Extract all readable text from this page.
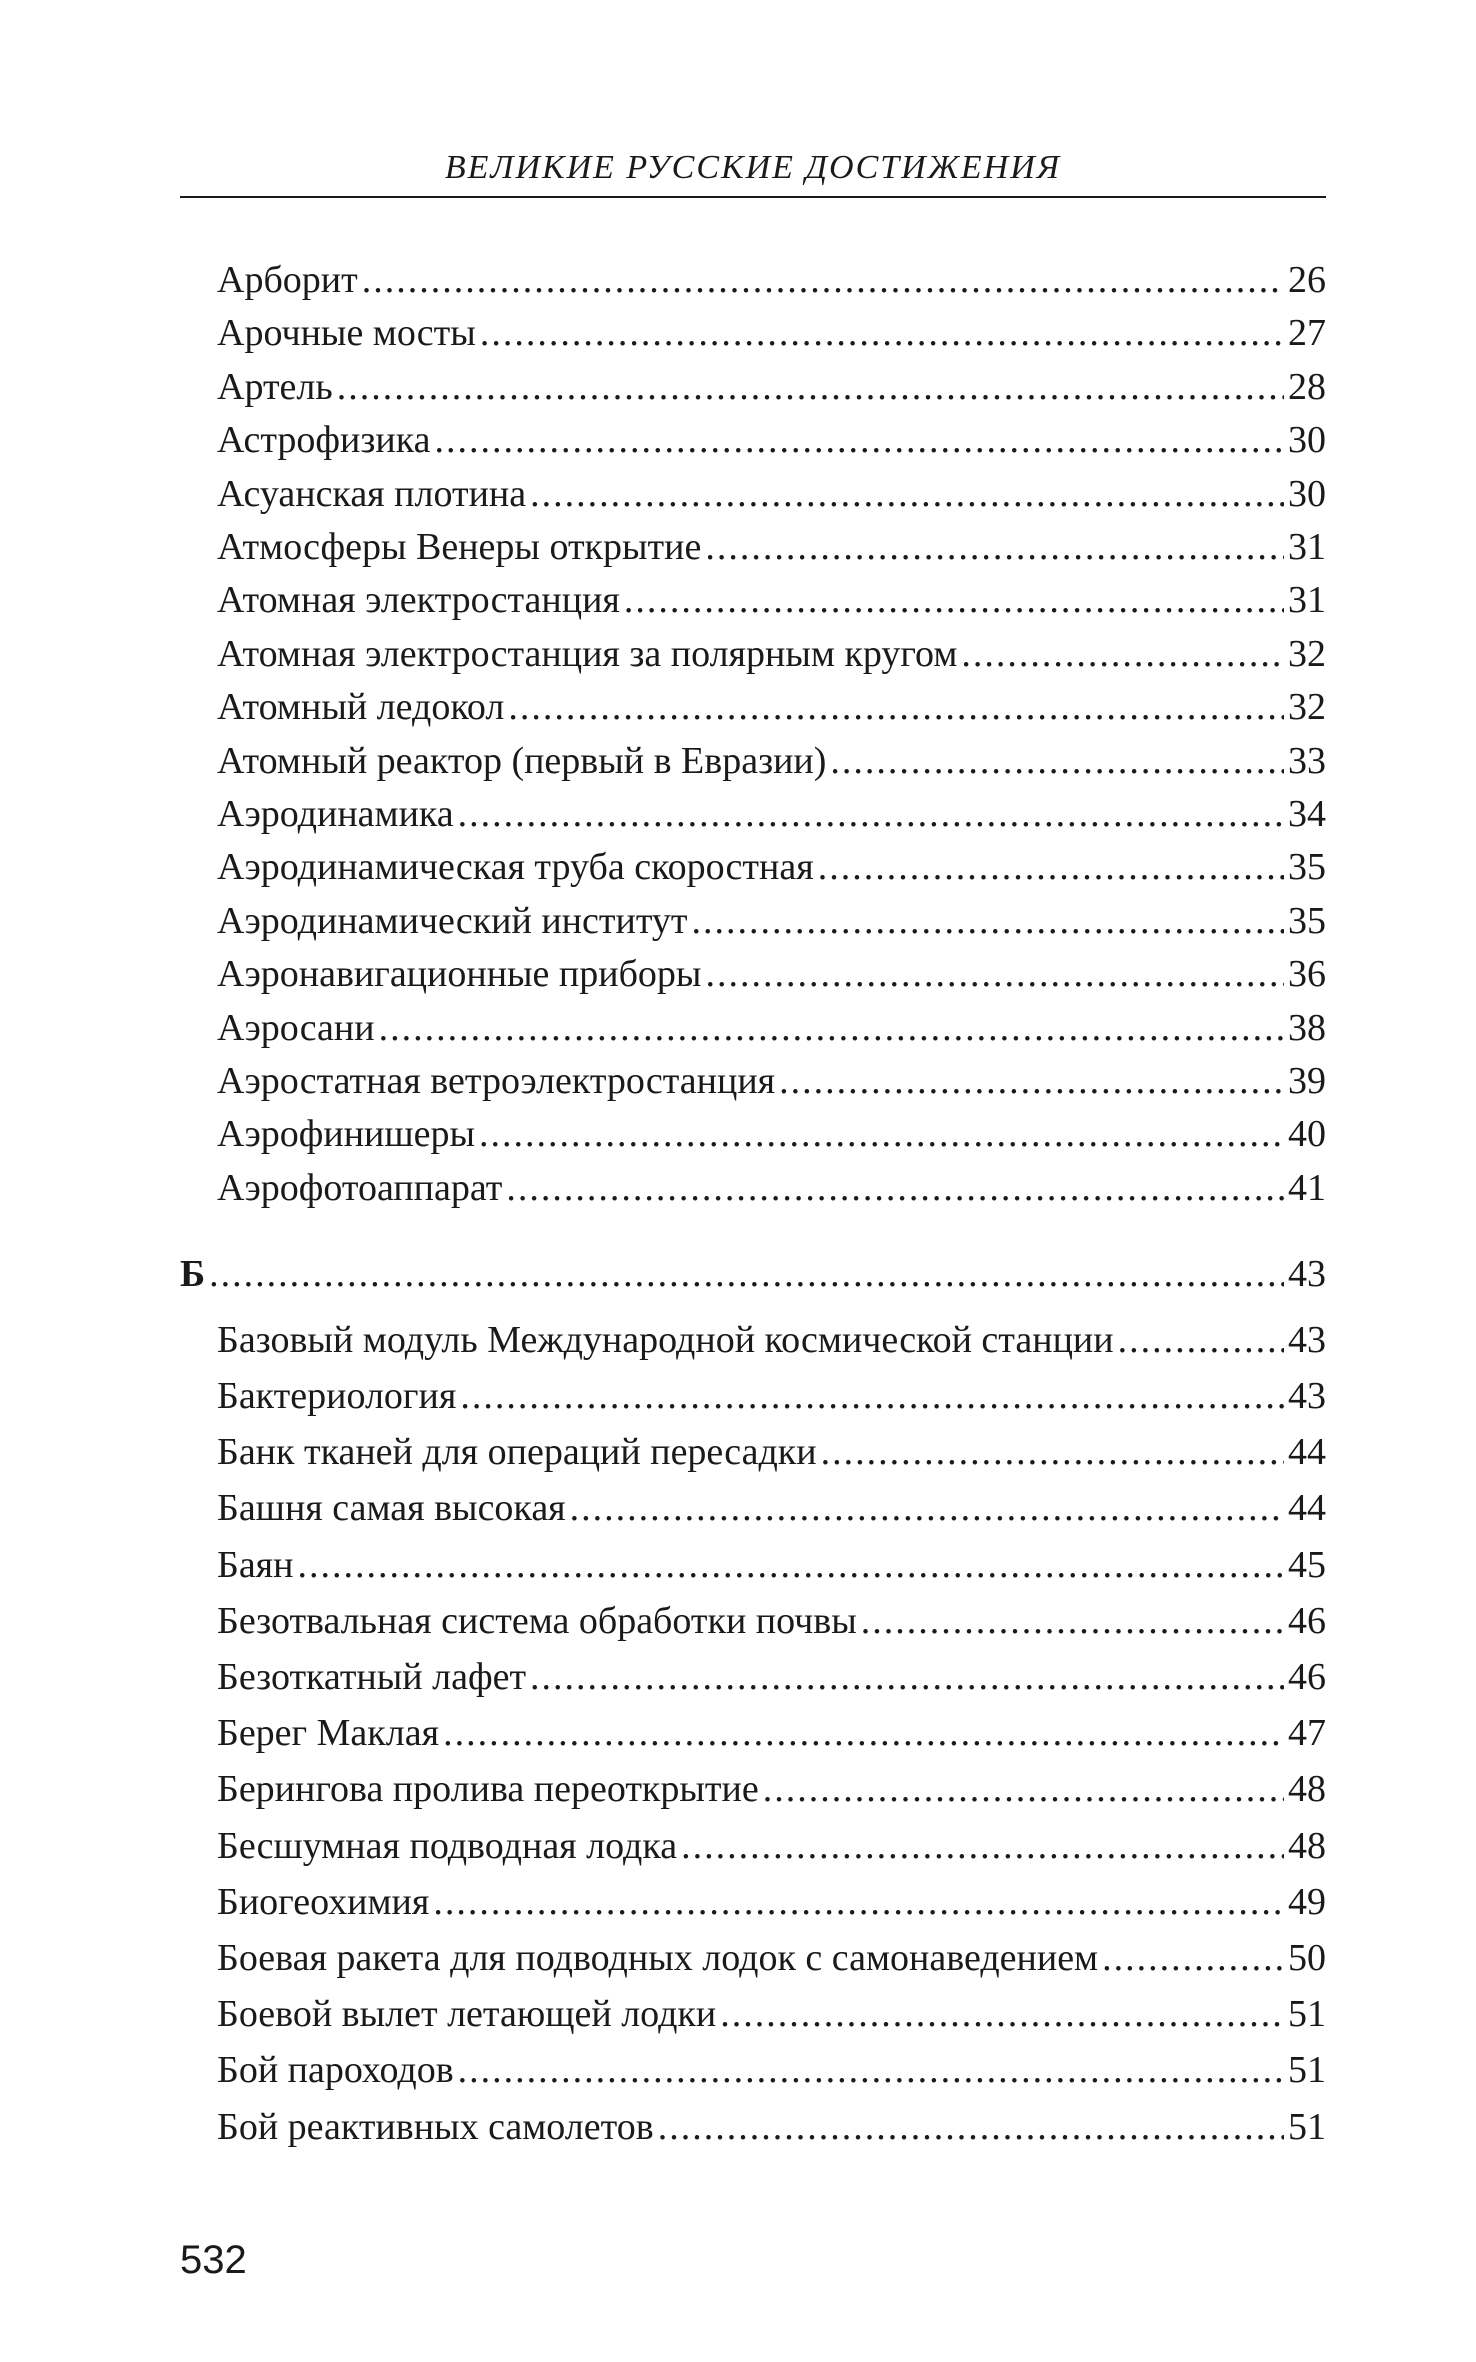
ВЕЛИКИЕ РУССКИЕ ДОСТИЖЕНИЯ
Арборит .....	26
Арочные мосты .....	27
Артель .....	28
Астрофизика .....	30
Асуанская плотина .....	30
Атмосферы Венеры открытие .....	31
Атомная электростанция .....	31
Атомная электростанция за полярным кругом .....	32
Атомный ледокол .....	32
Атомный реактор (первый в Евразии) .....	33
Аэродинамика .....	34
Аэродинамическая труба скоростная .....	35
Аэродинамический институт .....	35
Аэронавигационные приборы .....	36
Аэросани .....	38
Аэростатная ветроэлектростанция .....	39
Аэрофинишеры .....	40
Аэрофотоаппарат .....	41
Б .....	43
Базовый модуль Международной космической станции .....	43
Бактериология .....	43
Банк тканей для операций пересадки .....	44
Башня самая высокая .....	44
Баян .....	45
Безотвальная система обработки почвы .....	46
Безоткатный лафет .....	46
Берег Маклая .....	47
Берингова пролива переоткрытие .....	48
Бесшумная подводная лодка .....	48
Биогеохимия .....	49
Боевая ракета для подводных лодок с самонаведением .....	50
Боевой вылет летающей лодки .....	51
Бой пароходов .....	51
Бой реактивных самолетов .....	51
532
